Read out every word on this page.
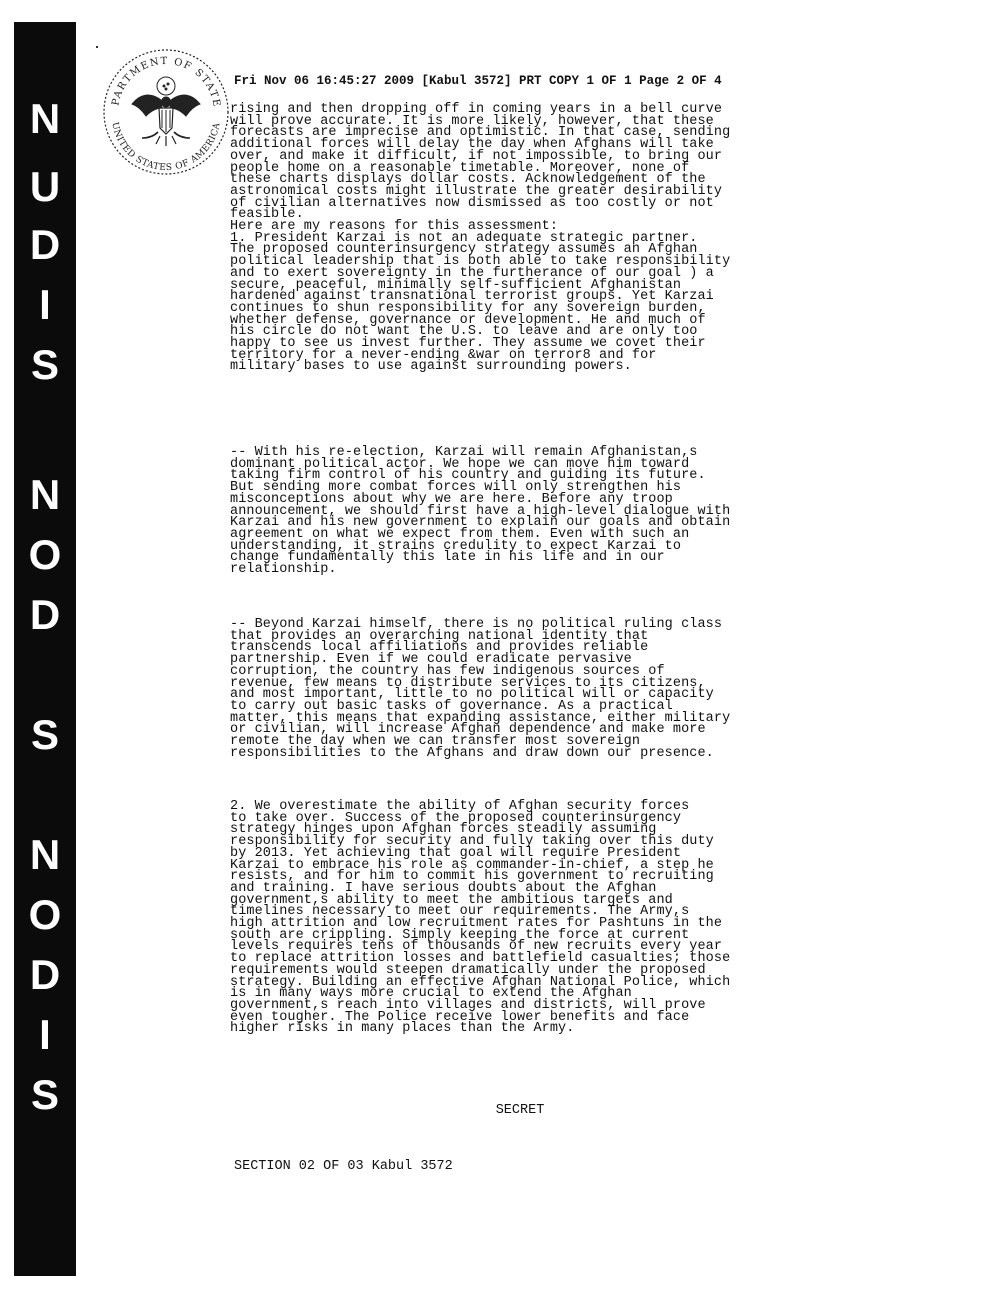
N
U
D
I
S
N
O
D
S
N
O
D
I
S
PARTMENT OF STATE
UNITED STATES OF AMERICA
Fri Nov 06 16:45:27 2009 [Kabul 3572] PRT COPY 1 OF 1 Page 2 OF 4
rising and then dropping off in coming years in a bell curve
will prove accurate. It is more likely, however, that these
forecasts are imprecise and optimistic. In that case, sending
additional forces will delay the day when Afghans will take
over, and make it difficult, if not impossible, to bring our
people home on a reasonable timetable. Moreover, none of
these charts displays dollar costs. Acknowledgement of the
astronomical costs might illustrate the greater desirability
of civilian alternatives now dismissed as too costly or not
feasible.
Here are my reasons for this assessment:
1. President Karzai is not an adequate strategic partner.
The proposed counterinsurgency strategy assumes an Afghan
political leadership that is both able to take responsibility
and to exert sovereignty in the furtherance of our goal ) a
secure, peaceful, minimally self-sufficient Afghanistan
hardened against transnational terrorist groups. Yet Karzai
continues to shun responsibility for any sovereign burden,
whether defense, governance or development. He and much of
his circle do not want the U.S. to leave and are only too
happy to see us invest further. They assume we covet their
territory for a never-ending &war on terror8 and for
military bases to use against surrounding powers.
-- With his re-election, Karzai will remain Afghanistan,s
dominant political actor. We hope we can move him toward
taking firm control of his country and guiding its future.
But sending more combat forces will only strengthen his
misconceptions about why we are here. Before any troop
announcement, we should first have a high-level dialogue with
Karzai and his new government to explain our goals and obtain
agreement on what we expect from them. Even with such an
understanding, it strains credulity to expect Karzai to
change fundamentally this late in his life and in our
relationship.
-- Beyond Karzai himself, there is no political ruling class
that provides an overarching national identity that
transcends local affiliations and provides reliable
partnership. Even if we could eradicate pervasive
corruption, the country has few indigenous sources of
revenue, few means to distribute services to its citizens,
and most important, little to no political will or capacity
to carry out basic tasks of governance. As a practical
matter, this means that expanding assistance, either military
or civilian, will increase Afghan dependence and make more
remote the day when we can transfer most sovereign
responsibilities to the Afghans and draw down our presence.
2. We overestimate the ability of Afghan security forces
to take over. Success of the proposed counterinsurgency
strategy hinges upon Afghan forces steadily assuming
responsibility for security and fully taking over this duty
by 2013. Yet achieving that goal will require President
Karzai to embrace his role as commander-in-chief, a step he
resists, and for him to commit his government to recruiting
and training. I have serious doubts about the Afghan
government,s ability to meet the ambitious targets and
timelines necessary to meet our requirements. The Army,s
high attrition and low recruitment rates for Pashtuns in the
south are crippling. Simply keeping the force at current
levels requires tens of thousands of new recruits every year
to replace attrition losses and battlefield casualties; those
requirements would steepen dramatically under the proposed
strategy. Building an effective Afghan National Police, which
is in many ways more crucial to extend the Afghan
government,s reach into villages and districts, will prove
even tougher. The Police receive lower benefits and face
higher risks in many places than the Army.
SECRET
SECTION 02 OF 03 Kabul 3572
